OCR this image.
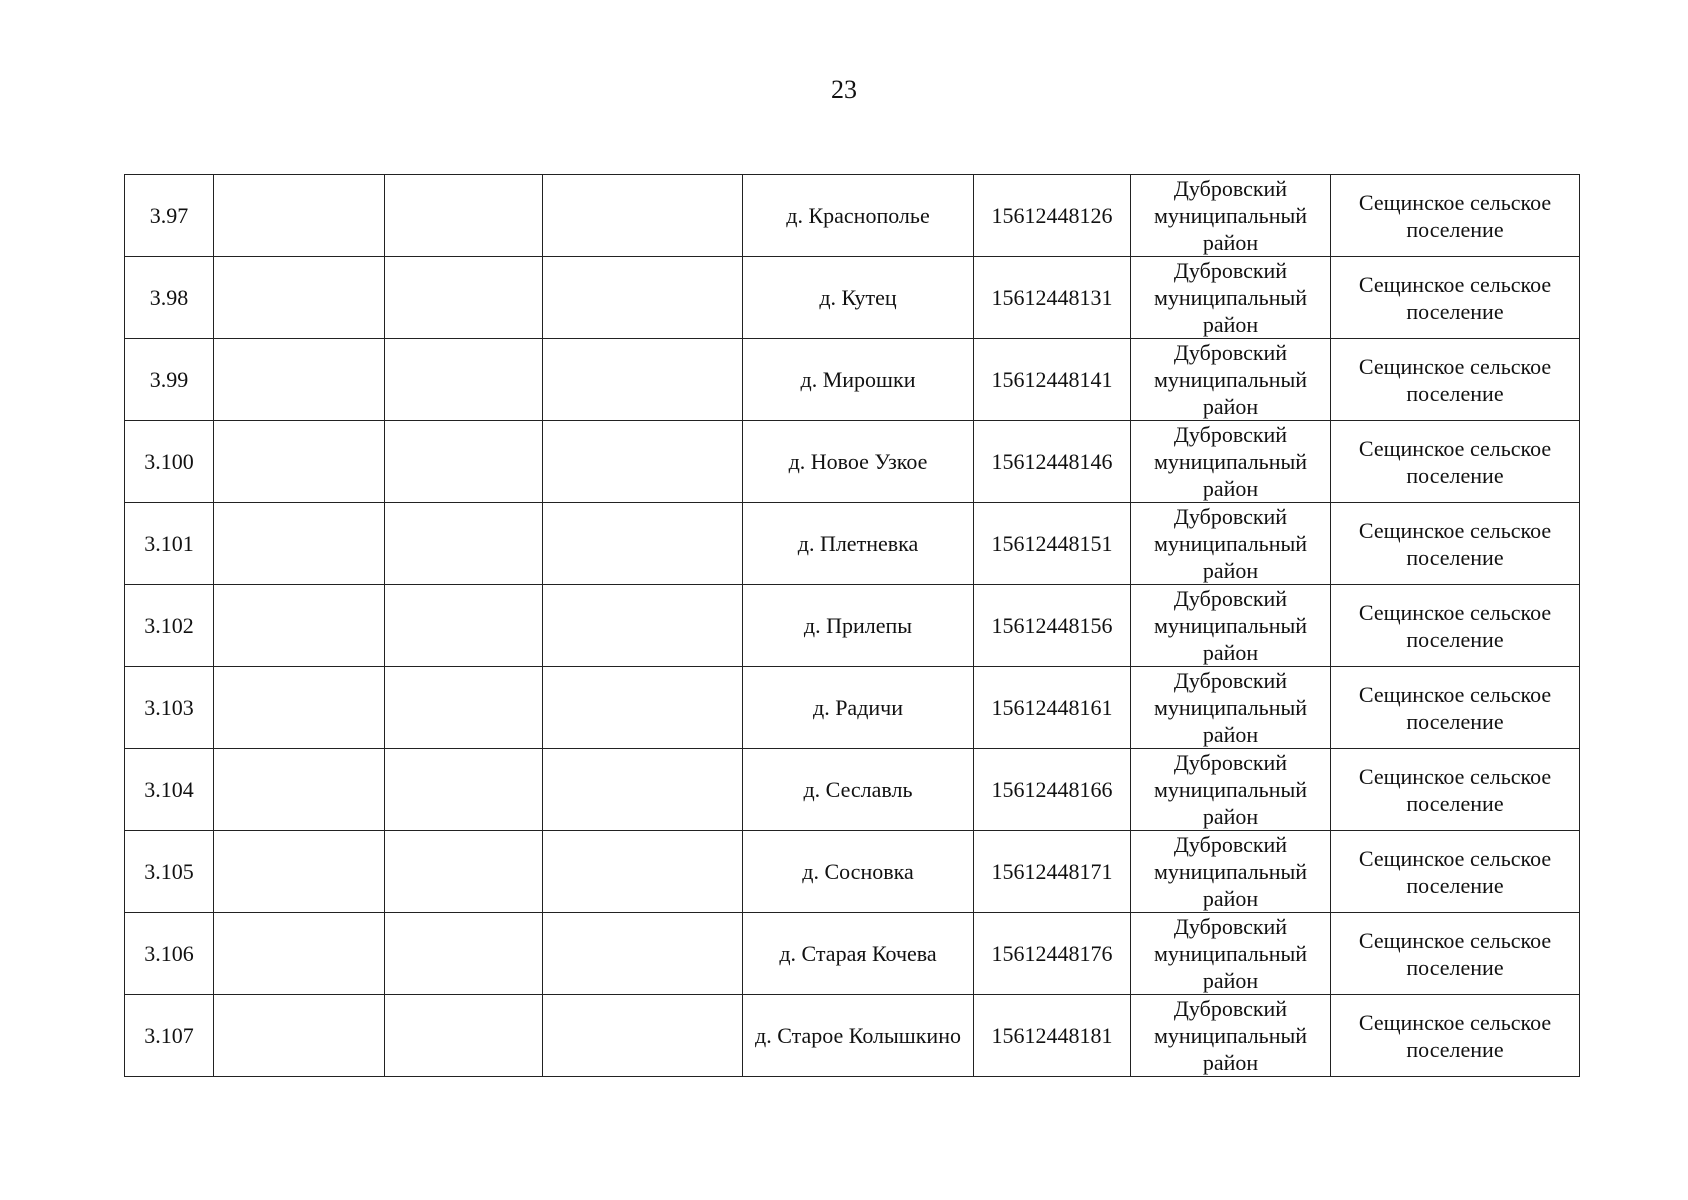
23
3.97				д. Краснополье	15612448126	Дубровский муниципальный район	Сещинское сельское поселение
3.98				д. Кутец	15612448131	Дубровский муниципальный район	Сещинское сельское поселение
3.99				д. Мирошки	15612448141	Дубровский муниципальный район	Сещинское сельское поселение
3.100				д. Новое Узкое	15612448146	Дубровский муниципальный район	Сещинское сельское поселение
3.101				д. Плетневка	15612448151	Дубровский муниципальный район	Сещинское сельское поселение
3.102				д. Прилепы	15612448156	Дубровский муниципальный район	Сещинское сельское поселение
3.103				д. Радичи	15612448161	Дубровский муниципальный район	Сещинское сельское поселение
3.104				д. Сеславль	15612448166	Дубровский муниципальный район	Сещинское сельское поселение
3.105				д. Сосновка	15612448171	Дубровский муниципальный район	Сещинское сельское поселение
3.106				д. Старая Кочева	15612448176	Дубровский муниципальный район	Сещинское сельское поселение
3.107				д. Старое Колышкино	15612448181	Дубровский муниципальный район	Сещинское сельское поселение
